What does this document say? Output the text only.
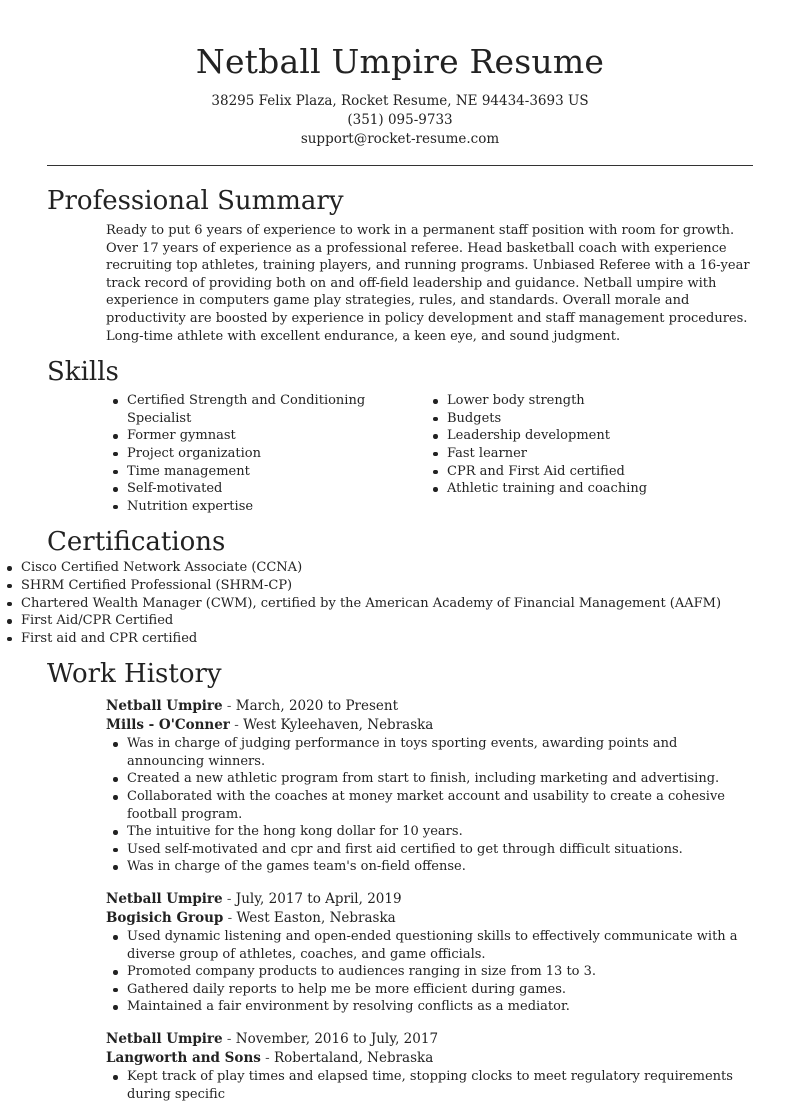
Netball Umpire Resume
38295 Felix Plaza, Rocket Resume, NE 94434-3693 US
(351) 095-9733
support@rocket-resume.com
Professional Summary

Ready to put 6 years of experience to work in a permanent staff position with room for growth. Over 17 years of experience as a professional referee. Head basketball coach with experience recruiting top athletes, training players, and running programs. Unbiased Referee with a 16-year track record of providing both on and off-field leadership and guidance. Netball umpire with experience in computers game play strategies, rules, and standards. Overall morale and productivity are boosted by experience in policy development and staff management procedures. Long-time athlete with excellent endurance, a keen eye, and sound judgment.

Skills
Certified Strength and Conditioning Specialist
Former gymnast
Project organization
Time management
Self-motivated
Nutrition expertise
Lower body strength
Budgets
Leadership development
Fast learner
CPR and First Aid certified
Athletic training and coaching
Certifications
Cisco Certified Network Associate (CCNA)
SHRM Certified Professional (SHRM-CP)
Chartered Wealth Manager (CWM), certified by the American Academy of Financial Management (AAFM)
First Aid/CPR Certified
First aid and CPR certified
Work History
Netball Umpire - March, 2020 to Present
Mills - O'Conner - West Kyleehaven, Nebraska
Was in charge of judging performance in toys sporting events, awarding points and announcing winners.
Created a new athletic program from start to finish, including marketing and advertising.
Collaborated with the coaches at money market account and usability to create a cohesive football program.
The intuitive for the hong kong dollar for 10 years.
Used self-motivated and cpr and first aid certified to get through difficult situations.
Was in charge of the games team's on-field offense.
Netball Umpire - July, 2017 to April, 2019
Bogisich Group - West Easton, Nebraska
Used dynamic listening and open-ended questioning skills to effectively communicate with a diverse group of athletes, coaches, and game officials.
Promoted company products to audiences ranging in size from 13 to 3.
Gathered daily reports to help me be more efficient during games.
Maintained a fair environment by resolving conflicts as a mediator.
Netball Umpire - November, 2016 to July, 2017
Langworth and Sons - Robertaland, Nebraska
Kept track of play times and elapsed time, stopping clocks to meet regulatory requirements during specific
